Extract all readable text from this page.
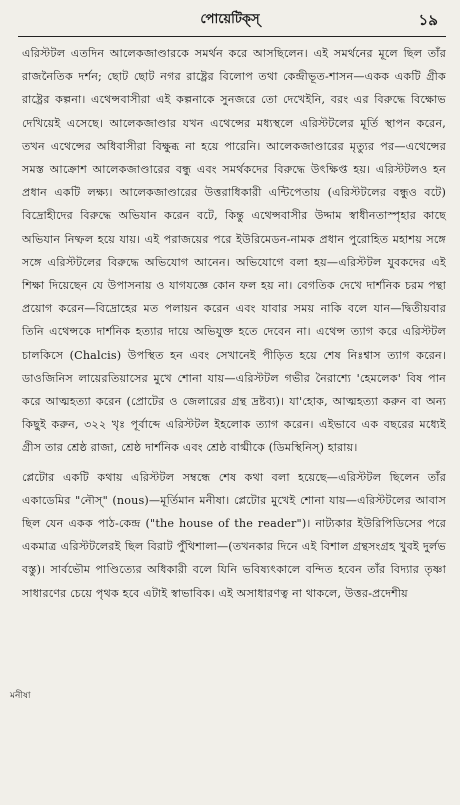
পোয়েটিক্‌স্‌	১৯

এরিস্টটল এতদিন আলেকজাণ্ডারকে সমর্থন করে আসছিলেন। এই সমর্থনের মূলে ছিল তাঁর রাজনৈতিক দর্শন; ছোট ছোট নগর রাষ্ট্রের বিলোপ তথা কেন্দ্রীভূত-শাসন—একক একটি গ্রীক রাষ্ট্রের কল্পনা। এথেন্সবাসীরা এই কল্পনাকে সুনজরে তো দেখেইনি, বরং এর বিরুদ্ধে বিক্ষোভ দেখিয়েই এসেছে। আলেকজাণ্ডার যখন এথেন্সের মধ্যস্থলে এরিস্টটলের মূর্তি স্থাপন করেন, তখন এথেন্সের অধিবাসীরা বিক্ষুব্ধ না হয়ে পারেনি। আলেকজাণ্ডারের মৃত্যুর পর—এথেন্সের সমস্ত আক্রোশ আলেকজাণ্ডারের বন্ধু এবং সমর্থকদের বিরুদ্ধে উৎক্ষিপ্ত হয়। এরিস্টটলও হন প্রধান একটি লক্ষ্য। আলেকজাণ্ডারের উত্তরাধিকারী এন্টিপেতায় (এরিস্টটলের বন্ধুও বটে) বিদ্রোহীদের বিরুদ্ধে অভিযান করেন বটে, কিন্তু এথেন্সবাসীর উদ্দাম স্বাধীনতাস্পৃহার কাছে অভিযান নিষ্ফল হয়ে যায়। এই পরাজয়ের পরে ইউরিমেডন-নামক প্রধান পুরোহিত মহাশয় সঙ্গে সঙ্গে এরিস্টটলের বিরুদ্ধে অভিযোগ আনেন। অভিযোগে বলা হয়—এরিস্টটল যুবকদের এই শিক্ষা দিয়েছেন যে উপাসনায় ও যাগযজ্ঞে কোন ফল হয় না। বেগতিক দেখে দার্শনিক চরম পন্থা প্রয়োগ করেন—বিদ্রোহের মত পলায়ন করেন এবং যাবার সময় নাকি বলে যান—দ্বিতীয়বার তিনি এথেন্সকে দার্শনিক হত্যার দায়ে অভিযুক্ত হতে দেবেন না। এথেন্স ত্যাগ করে এরিস্টটল চালকিসে (Chalcis) উপস্থিত হন এবং সেখানেই পীড়িত হয়ে শেষ নিঃশ্বাস ত্যাগ করেন। ডাওজিনিস লায়েরতিয়াসের মুখে শোনা যায়—এরিস্টটল গভীর নৈরাশ্যে 'হেমলেক' বিষ পান করে আত্মহত্যা করেন (প্রোটের ও জেলারের গ্রন্থ দ্রষ্টব্য)। যা'হোক, আত্মহত্যা করুন বা অন্য কিছুই করুন, ৩২২ খৃঃ পূর্বাব্দে এরিস্টটল ইহলোক ত্যাগ করেন। এইভাবে এক বছরের মধ্যেই গ্রীস তার শ্রেষ্ঠ রাজা, শ্রেষ্ঠ দার্শনিক এবং শ্রেষ্ঠ বাগ্মীকে (ডিমস্থিনিস্) হারায়।

প্লেটোর একটি কথায় এরিস্টটল সম্বন্ধে শেষ কথা বলা হয়েছে—এরিস্টটল ছিলেন তাঁর একাডেমির "নৌস্" (nous)—মূর্তিমান মনীষা। প্লেটোর মুখেই শোনা যায়—এরিস্টটলের আবাস ছিল যেন একক পাঠ-কেন্দ্র ("the house of the reader")। নাট্যকার ইউরিপিডিসের পরে একমাত্র এরিস্টটলেরই ছিল বিরাট পুঁথিশালা—(তখনকার দিনে এই বিশাল গ্রন্থসংগ্রহ খুবই দুর্লভ বস্তু)। সার্বভৌম পাণ্ডিত্যের অধিকারী বলে যিনি ভবিষ্যৎকালে বন্দিত হবেন তাঁর বিদ্যার তৃষ্ণা সাধারণের চেয়ে পৃথক হবে এটাই স্বাভাবিক। এই অসাধারণত্ব না থাকলে, উত্তর-প্রদেশীয়

মনীষা
